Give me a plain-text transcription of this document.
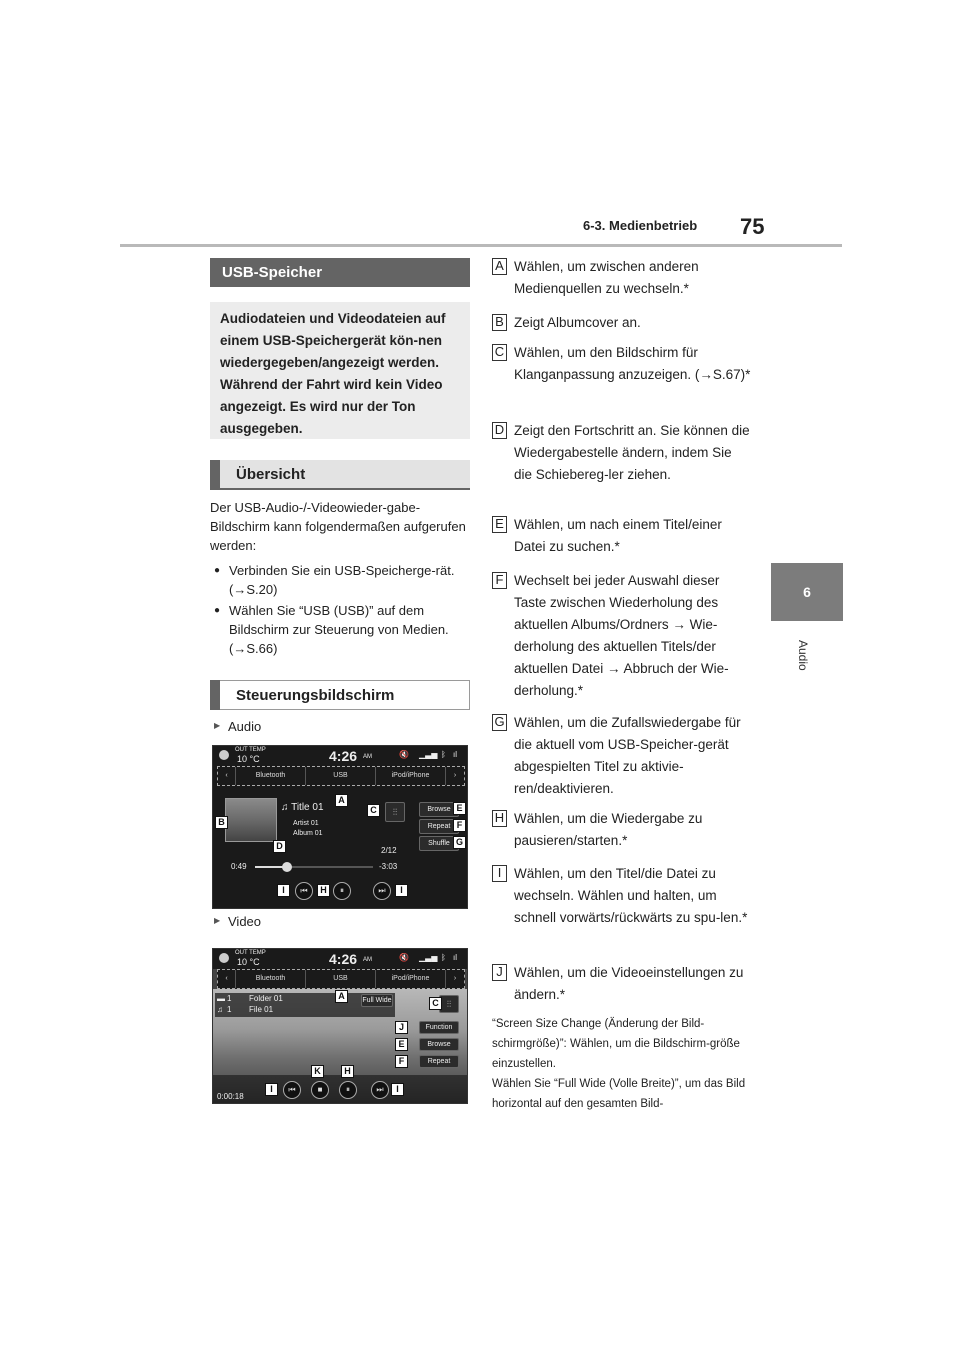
6-3. Medienbetrieb 75
6
Audio
USB-Speicher
Audiodateien und Videodateien auf einem USB-Speichergerät kön-nen wiedergegeben/angezeigt werden. Während der Fahrt wird kein Video angezeigt. Es wird nur der Ton ausgegeben.
Übersicht
Der USB-Audio-/-Videowieder-gabe-Bildschirm kann folgendermaßen aufgerufen werden:
● Verbinden Sie ein USB-Speicherge-rät. (→S.20)
● Wählen Sie “USB (USB)” auf dem Bildschirm zur Steuerung von Medien. (→S.66)
Steuerungsbildschirm
▶ Audio
OUT TEMP
10 °C	4:26 AM	🔇 ▁▃▅ ᛒ ıl
‹	Bluetooth	USB	iPod/iPhone	›
♫ Title 01
Artist 01
Album 01
2/12
0:49	-3:03
Browse
Repeat
Shuffle
⫶⫶
⏮	⏸	⏭
A
B
C
D
E
F
G
H
I	I
▶ Video
OUT TEMP
10 °C	4:26 AM	🔇 ▁▃▅ ᛒ ıl
‹	Bluetooth	USB	iPod/iPhone	›
▬ 1 Folder 01
♫ 1 File 01
Full Wide	⫶⫶
Function
Browse
Repeat
0:00:18
⏮	■	⏸	⏭
A
C
J
E
F
K	H
I	I
A Wählen, um zwischen anderen Medienquellen zu wechseln.*
B Zeigt Albumcover an.
C Wählen, um den Bildschirm für Klanganpassung anzuzeigen. (→S.67)*
D Zeigt den Fortschritt an. Sie können die Wiedergabestelle ändern, indem Sie die Schiebereg-ler ziehen.
E Wählen, um nach einem Titel/einer Datei zu suchen.*
F Wechselt bei jeder Auswahl dieser Taste zwischen Wiederholung des aktuellen Albums/Ordners → Wie-derholung des aktuellen Titels/der aktuellen Datei → Abbruch der Wie-derholung.*
G Wählen, um die Zufallswiedergabe für die aktuell vom USB-Speicher-gerät abgespielten Titel zu aktivie-ren/deaktivieren.
H Wählen, um die Wiedergabe zu pausieren/starten.*
I Wählen, um den Titel/die Datei zu wechseln. Wählen und halten, um schnell vorwärts/rückwärts zu spu-len.*
J Wählen, um die Videoeinstellungen zu ändern.*
“Screen Size Change (Änderung der Bild-schirmgröße)”: Wählen, um die Bildschirm-größe einzustellen.
Wählen Sie “Full Wide (Volle Breite)”, um das Bild horizontal auf den gesamten Bild-
